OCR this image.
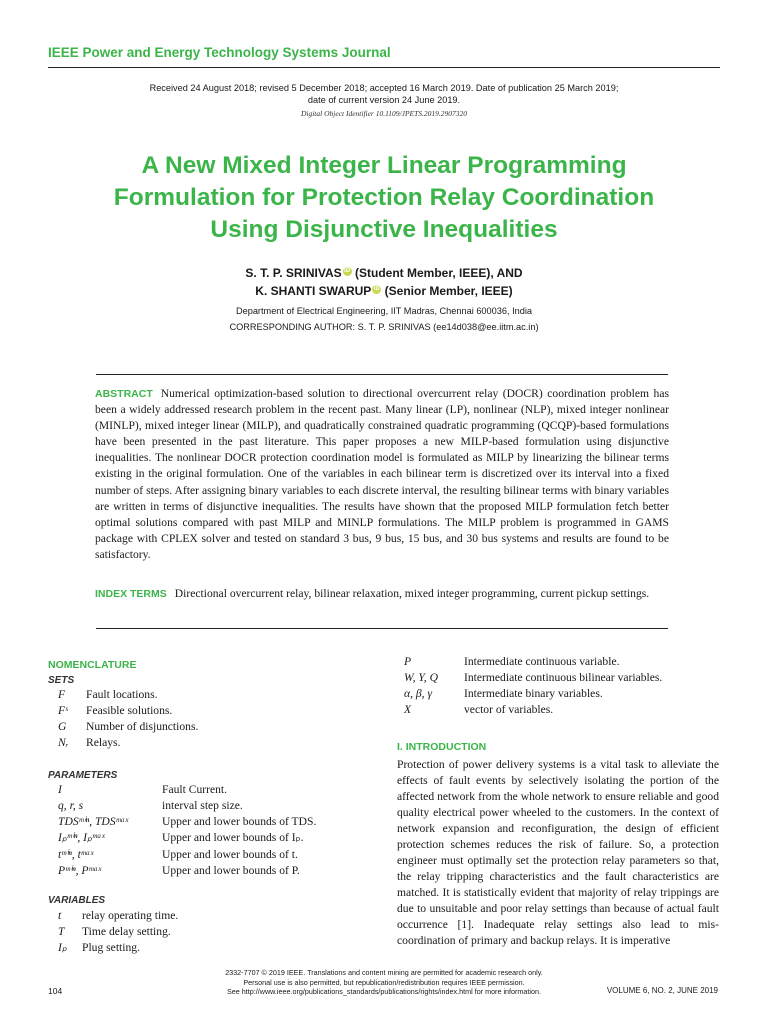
IEEE Power and Energy Technology Systems Journal
Received 24 August 2018; revised 5 December 2018; accepted 16 March 2019. Date of publication 25 March 2019;
date of current version 24 June 2019.
Digital Object Identifier 10.1109/JPETS.2019.2907320
A New Mixed Integer Linear Programming
Formulation for Protection Relay Coordination
Using Disjunctive Inequalities
S. T. P. SRINIVAS iD (Student Member, IEEE), AND
K. SHANTI SWARUP iD (Senior Member, IEEE)
Department of Electrical Engineering, IIT Madras, Chennai 600036, India
CORRESPONDING AUTHOR: S. T. P. SRINIVAS (ee14d038@ee.iitm.ac.in)
ABSTRACT Numerical optimization-based solution to directional overcurrent relay (DOCR) coordination problem has been a widely addressed research problem in the recent past. Many linear (LP), nonlinear (NLP), mixed integer nonlinear (MINLP), mixed integer linear (MILP), and quadratically constrained quadratic programming (QCQP)-based formulations have been presented in the past literature. This paper proposes a new MILP-based formulation using disjunctive inequalities. The nonlinear DOCR protection coordination model is formulated as MILP by linearizing the bilinear terms existing in the original formulation. One of the variables in each bilinear term is discretized over its interval into a fixed number of steps. After assigning binary variables to each discrete interval, the resulting bilinear terms with binary variables are written in terms of disjunctive inequalities. The results have shown that the proposed MILP formulation fetch better optimal solutions compared with past MILP and MINLP formulations. The MILP problem is programmed in GAMS package with CPLEX solver and tested on standard 3 bus, 9 bus, 15 bus, and 30 bus systems and results are found to be satisfactory.
INDEX TERMS Directional overcurrent relay, bilinear relaxation, mixed integer programming, current pickup settings.
NOMENCLATURE
SETS
F Fault locations.
Fˢ Feasible solutions.
G Number of disjunctions.
Nᵣ Relays.
PARAMETERS
I	Fault Current.
q, r, s	interval step size.
TDSᵐⁱⁿ, TDSᵐᵃˣ	Upper and lower bounds of TDS.
Iₚᵐⁱⁿ, Iₚᵐᵃˣ	Upper and lower bounds of Iₚ.
tᵐⁱⁿ, tᵐᵃˣ	Upper and lower bounds of t.
Pᵐⁱⁿ, Pᵐᵃˣ	Upper and lower bounds of P.
VARIABLES
t relay operating time.
T Time delay setting.
Iₚ Plug setting.
P	Intermediate continuous variable.
W, Y, Q Intermediate continuous bilinear variables.
α, β, γ	Intermediate binary variables.
X	vector of variables.
I. INTRODUCTION
Protection of power delivery systems is a vital task to alleviate the effects of fault events by selectively isolating the portion of the affected network from the whole network to ensure reliable and good quality electrical power wheeled to the customers. In the context of network expansion and reconfiguration, the design of efficient protection schemes reduces the risk of failure. So, a protection engineer must optimally set the protection relay parameters so that, the relay tripping characteristics and the fault characteristics are matched. It is statistically evident that majority of relay trippings are due to unsuitable and poor relay settings than because of actual fault occurrence [1]. Inadequate relay settings also lead to mis-coordination of primary and backup relays. It is imperative
2332-7707 © 2019 IEEE. Translations and content mining are permitted for academic research only.
Personal use is also permitted, but republication/redistribution requires IEEE permission.
See http://www.ieee.org/publications_standards/publications/rights/index.html for more information.
104	VOLUME 6, NO. 2, JUNE 2019
